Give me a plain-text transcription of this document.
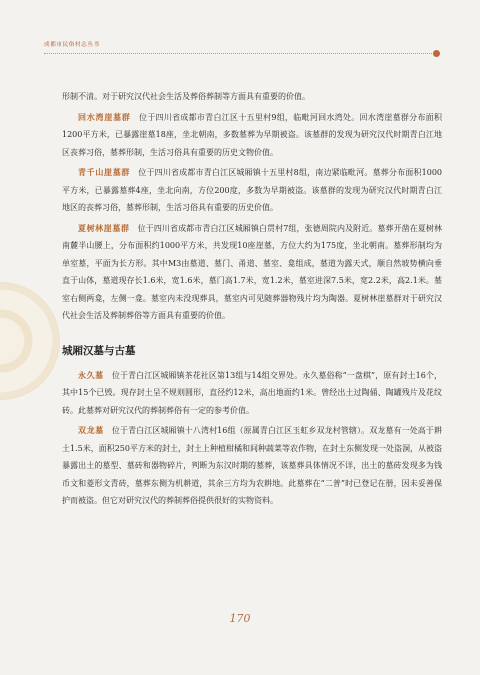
成都市民俗村志丛书

形制不清。对于研究汉代社会生活及葬俗葬制等方面具有重要的价值。

回水湾崖墓群　 位于四川省成都市青白江区十五里村9组，临毗河回水湾处。回水湾崖墓群分布面积1200平方米，已暴露崖墓18座，坐北朝南，多数墓葬为早期被盗。该墓群的发现为研究汉代时期青白江地区丧葬习俗，墓葬形制，生活习俗具有重要的历史文物价值。

青千山崖墓群　 位于四川省成都市青白江区城厢镇十五里村8组，南边紧临毗河。墓葬分布面积1000平方米，已暴露墓葬4座，坐北向南，方位200度，多数为早期被盗。该墓群的发现为研究汉代时期青白江地区的丧葬习俗，墓葬形制，生活习俗具有重要的历史价值。

夏树林崖墓群　 位于四川省成都市青白江区城厢镇白贯村7组，张德周院内及附近。墓葬开凿在夏树林南麓半山腰上，分布面积约1000平方米，共发现10座崖墓，方位大约为175度，坐北朝南。墓葬形制均为单室墓，平面为长方形。其中M3由墓道、墓门、甬道、墓室、龛组成，墓道为露天式，顺自然坡势横向垂直于山体，墓道现存长1.6米，宽1.6米，墓门高1.7米，宽1.2米，墓室进深7.5米，宽2.2米，高2.1米。墓室右侧两龛，左侧一龛。墓室内未没现葬具，墓室内可见随葬器物残片均为陶器。夏树林崖墓群对于研究汉代社会生活及葬制葬俗等方面具有重要的价值。

城厢汉墓与古墓

永久墓　 位于青白江区城厢镇茶花社区第13组与14组交界处。永久墓俗称“一盘棋”，原有封土16个，其中15个已毁。现存封土呈不规则圆形，直径约12米，高出地面约1米。曾经出土过陶俑、陶罐残片及花纹砖。此墓葬对研究汉代的葬制葬俗有一定的参考价值。

双龙墓　 位于青白江区城厢镇十八湾村16组（原属青白江区玉虹乡双龙村管辖）。双龙墓有一处高于耕土1.5米，面积250平方米的封土，封土上种植柑橘和间种蔬菜等农作物，在封土东侧发现一处盗洞，从被盗暴露出土的墓型、墓砖和器物碎片，判断为东汉时期的墓葬，该墓葬具体情况不详，出土的墓砖发现多为钱币文和菱形文青砖，墓葬东侧为机耕道，其余三方均为农耕地。此墓葬在“二普”时已登记在册，因未妥善保护而被盗。但它对研究汉代的葬制葬俗提供很好的实物资料。

170
